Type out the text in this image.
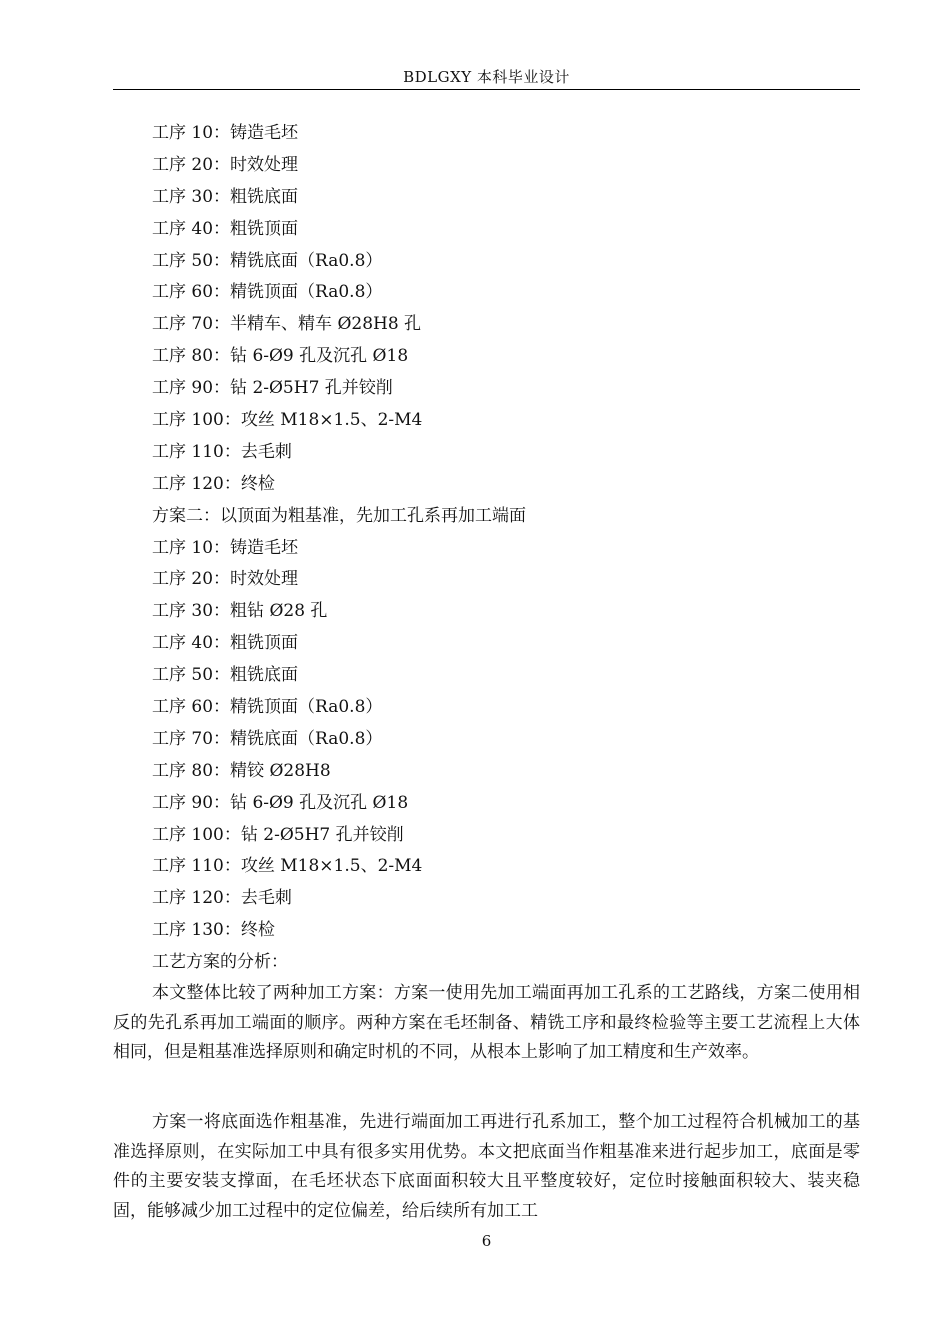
BDLGXY 本科毕业设计
工序 10：铸造毛坯
工序 20：时效处理
工序 30：粗铣底面
工序 40：粗铣顶面
工序 50：精铣底面（Ra0.8）
工序 60：精铣顶面（Ra0.8）
工序 70：半精车、精车 Ø28H8 孔
工序 80：钻 6-Ø9 孔及沉孔 Ø18
工序 90：钻 2-Ø5H7 孔并铰削
工序 100：攻丝 M18×1.5、2-M4
工序 110：去毛刺
工序 120：终检
方案二：以顶面为粗基准，先加工孔系再加工端面
工序 10：铸造毛坯
工序 20：时效处理
工序 30：粗钻 Ø28 孔
工序 40：粗铣顶面
工序 50：粗铣底面
工序 60：精铣顶面（Ra0.8）
工序 70：精铣底面（Ra0.8）
工序 80：精铰 Ø28H8
工序 90：钻 6-Ø9 孔及沉孔 Ø18
工序 100：钻 2-Ø5H7 孔并铰削
工序 110：攻丝 M18×1.5、2-M4
工序 120：去毛刺
工序 130：终检
工艺方案的分析：

本文整体比较了两种加工方案：方案一使用先加工端面再加工孔系的工艺路线，方案二使用相反的先孔系再加工端面的顺序。两种方案在毛坯制备、精铣工序和最终检验等主要工艺流程上大体相同，但是粗基准选择原则和确定时机的不同，从根本上影响了加工精度和生产效率。

方案一将底面选作粗基准，先进行端面加工再进行孔系加工，整个加工过程符合机械加工的基准选择原则，在实际加工中具有很多实用优势。本文把底面当作粗基准来进行起步加工，底面是零件的主要安装支撑面，在毛坯状态下底面面积较大且平整度较好，定位时接触面积较大、装夹稳固，能够减少加工过程中的定位偏差，给后续所有加工工

6
